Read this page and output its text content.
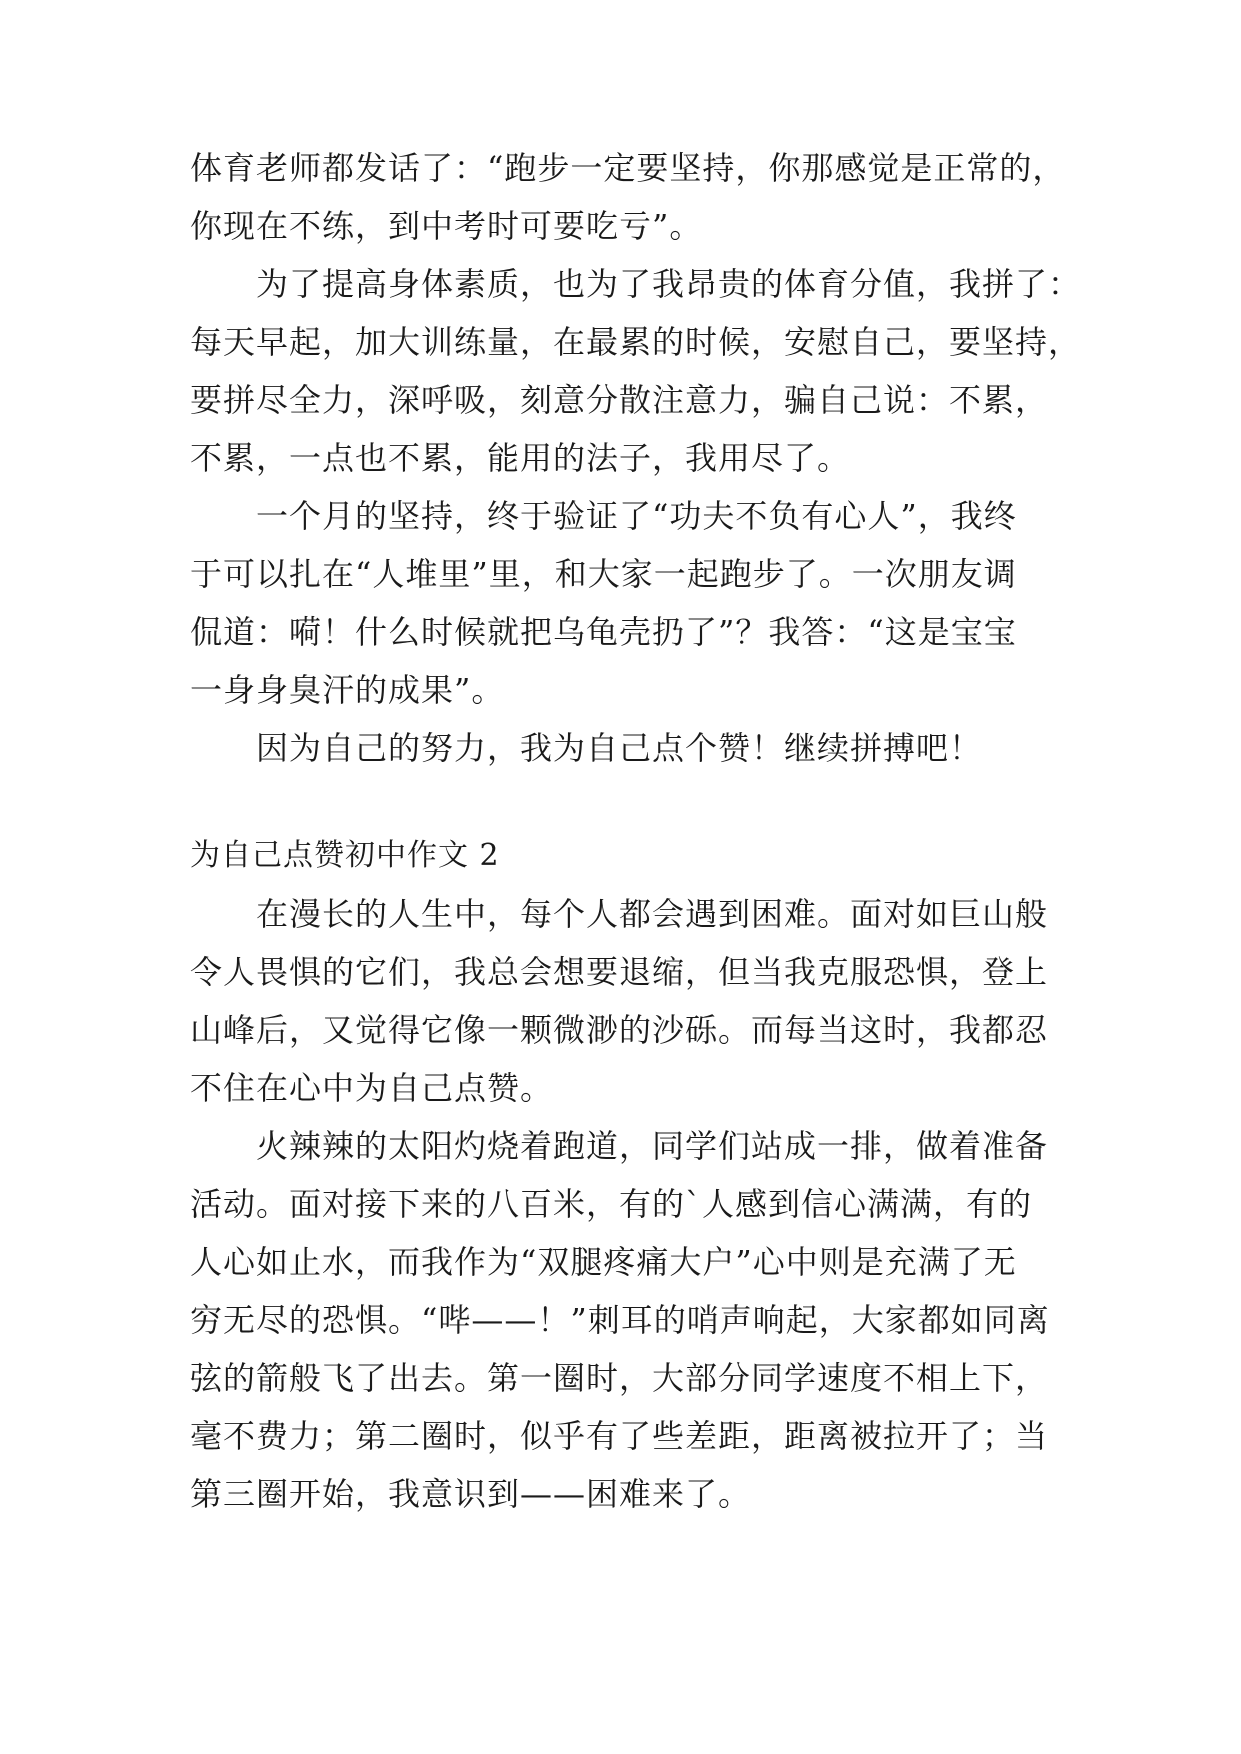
体育老师都发话了：“跑步一定要坚持，你那感觉是正常的，

你现在不练，到中考时可要吃亏”。

为了提高身体素质，也为了我昂贵的体育分值，我拼了：

每天早起，加大训练量，在最累的时候，安慰自己，要坚持，

要拼尽全力，深呼吸，刻意分散注意力，骗自己说：不累，

不累，一点也不累，能用的法子，我用尽了。

一个月的坚持，终于验证了“功夫不负有心人”，我终

于可以扎在“人堆里”里，和大家一起跑步了。一次朋友调

侃道：嗬！什么时候就把乌龟壳扔了”？我答：“这是宝宝

一身身臭汗的成果”。

因为自己的努力，我为自己点个赞！继续拼搏吧！

为自己点赞初中作文 2

在漫长的人生中，每个人都会遇到困难。面对如巨山般

令人畏惧的它们，我总会想要退缩，但当我克服恐惧，登上

山峰后，又觉得它像一颗微渺的沙砾。而每当这时，我都忍

不住在心中为自己点赞。

火辣辣的太阳灼烧着跑道，同学们站成一排，做着准备

活动。面对接下来的八百米，有的`人感到信心满满，有的

人心如止水，而我作为“双腿疼痛大户”心中则是充满了无

穷无尽的恐惧。“哔——！”刺耳的哨声响起，大家都如同离

弦的箭般飞了出去。第一圈时，大部分同学速度不相上下，

毫不费力；第二圈时，似乎有了些差距，距离被拉开了；当

第三圈开始，我意识到——困难来了。
